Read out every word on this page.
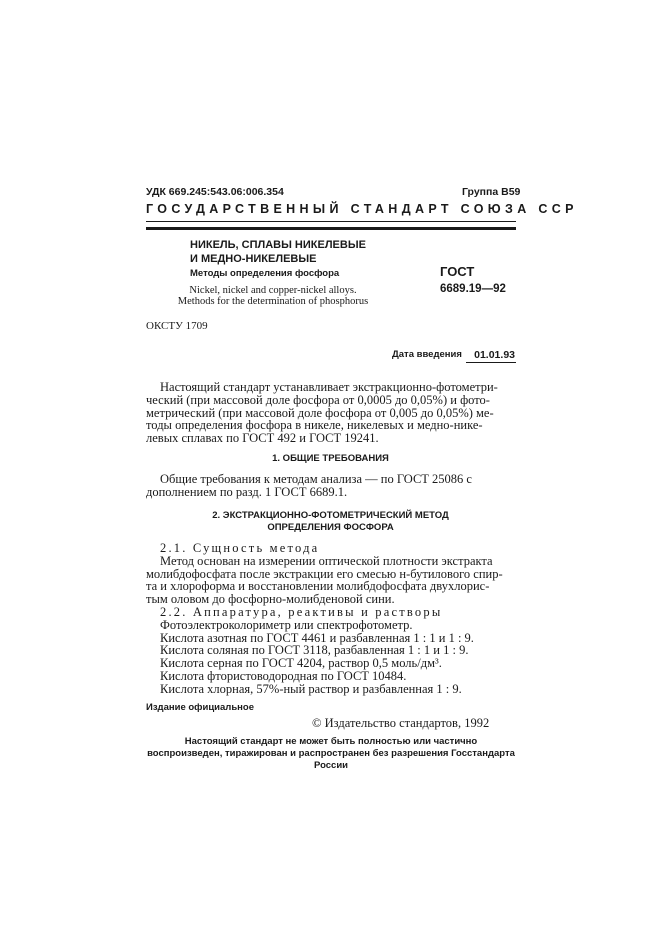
УДК 669.245:543.06:006.354	Группа В59
ГОСУДАРСТВЕННЫЙ СТАНДАРТ СОЮЗА ССР
НИКЕЛЬ, СПЛАВЫ НИКЕЛЕВЫЕ
И МЕДНО-НИКЕЛЕВЫЕ
Методы определения фосфора
Nickel, nickel and copper-nickel alloys.
Methods for the determination of phosphorus
ГОСТ
6689.19—92
ОКСТУ 1709
Дата введения	01.01.93
Настоящий стандарт устанавливает экстракционно-фотометри-
ческий (при массовой доле фосфора от 0,0005 до 0,05%) и фото-
метрический (при массовой доле фосфора от 0,005 до 0,05%) ме-
тоды определения фосфора в никеле, никелевых и медно-нике-
левых сплавах по ГОСТ 492 и ГОСТ 19241.
1. ОБЩИЕ ТРЕБОВАНИЯ
Общие требования к методам анализа — по ГОСТ 25086 с
дополнением по разд. 1 ГОСТ 6689.1.
2. ЭКСТРАКЦИОННО-ФОТОМЕТРИЧЕСКИЙ МЕТОД
ОПРЕДЕЛЕНИЯ ФОСФОРА
2.1. Сущность метода
Метод основан на измерении оптической плотности экстракта
молибдофосфата после экстракции его смесью н-бутилового спир-
та и хлороформа и восстановлении молибдофосфата двухлорис-
тым оловом до фосфорно-молибденовой сини.
2.2. Аппаратура, реактивы и растворы
Фотоэлектроколориметр или спектрофотометр.
Кислота азотная по ГОСТ 4461 и разбавленная 1 : 1 и 1 : 9.
Кислота соляная по ГОСТ 3118, разбавленная 1 : 1 и 1 : 9.
Кислота серная по ГОСТ 4204, раствор 0,5 моль/дм³.
Кислота фтористоводородная по ГОСТ 10484.
Кислота хлорная, 57%-ный раствор и разбавленная 1 : 9.
Издание официальное
© Издательство стандартов, 1992
Настоящий стандарт не может быть полностью или частично воспроизведен, тиражирован и распространен без разрешения Госстандарта России
